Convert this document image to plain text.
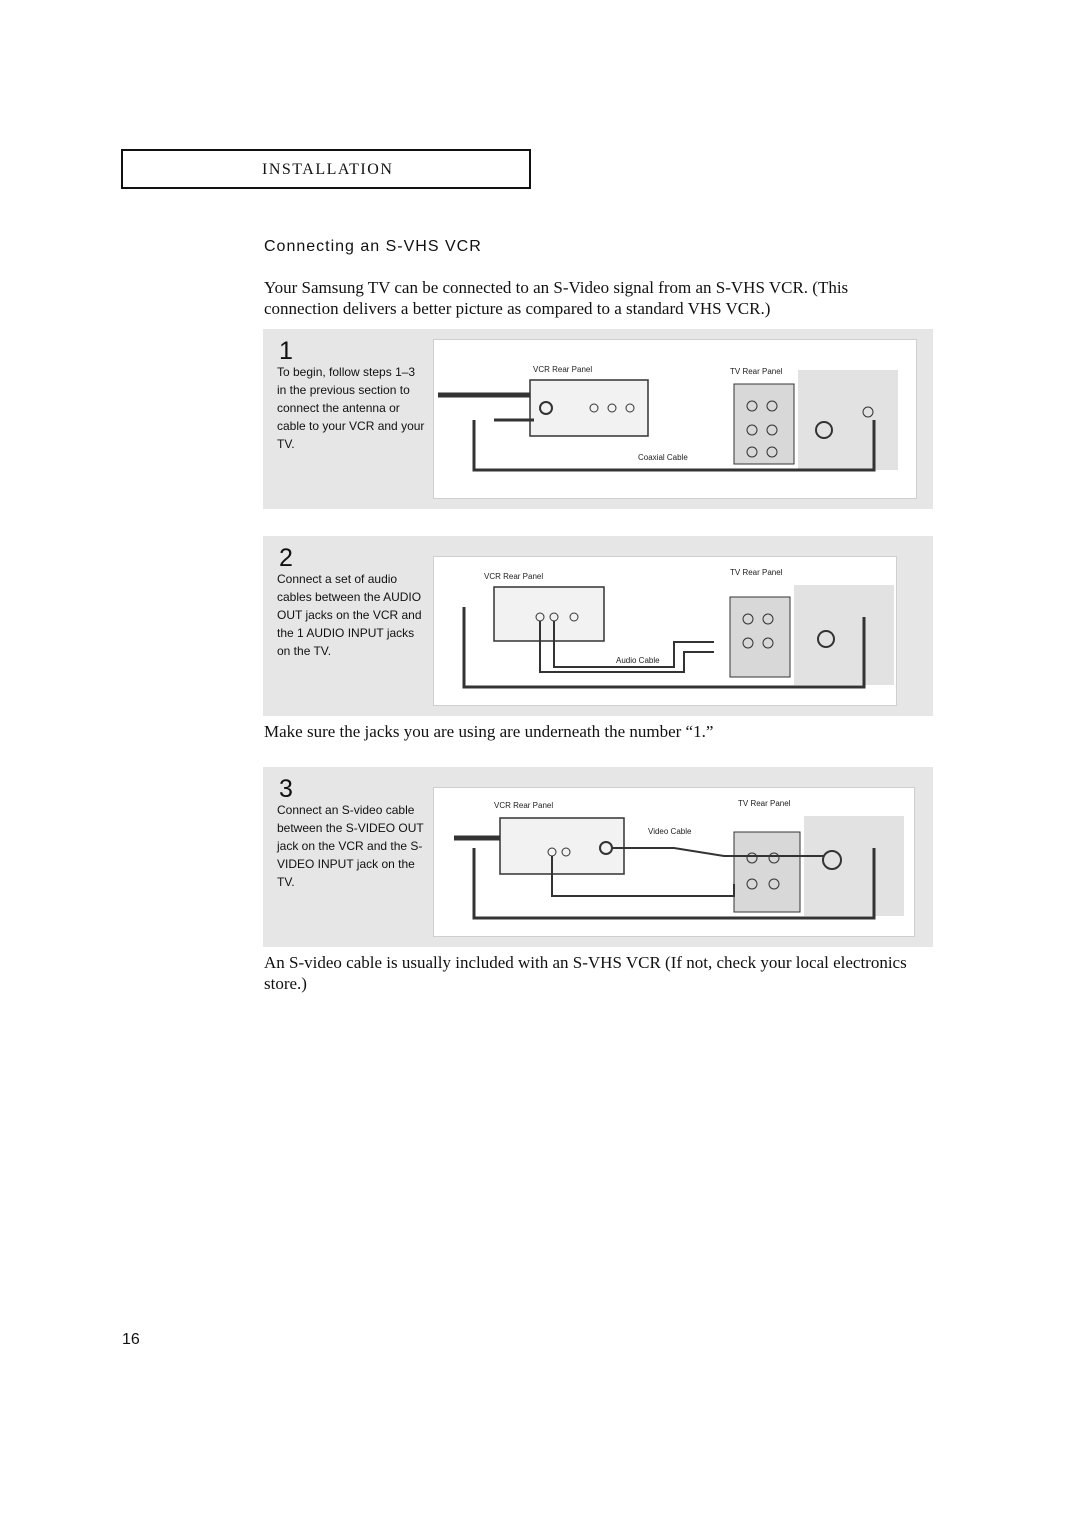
INSTALLATION
Connecting an S-VHS VCR
Your Samsung TV can be connected to an S-Video signal from an S-VHS VCR. (This connection delivers a better picture as compared to a standard VHS VCR.)
1
To begin, follow steps 1–3 in the previous section to connect the antenna or cable to your VCR and your TV.
VCR Rear Panel	TV Rear Panel
Coaxial Cable
2
Connect a set of audio cables between the AUDIO OUT jacks on the VCR and the 1 AUDIO INPUT jacks on the TV.
VCR Rear Panel	TV Rear Panel
Audio Cable
Make sure the jacks you are using are underneath the number “1.”
3
Connect an S-video cable between the S-VIDEO OUT jack on the VCR and the S-VIDEO INPUT jack on the TV.
VCR Rear Panel	TV Rear Panel
Video Cable
An S-video cable is usually included with an S-VHS VCR (If not, check your local electronics store.)
16
